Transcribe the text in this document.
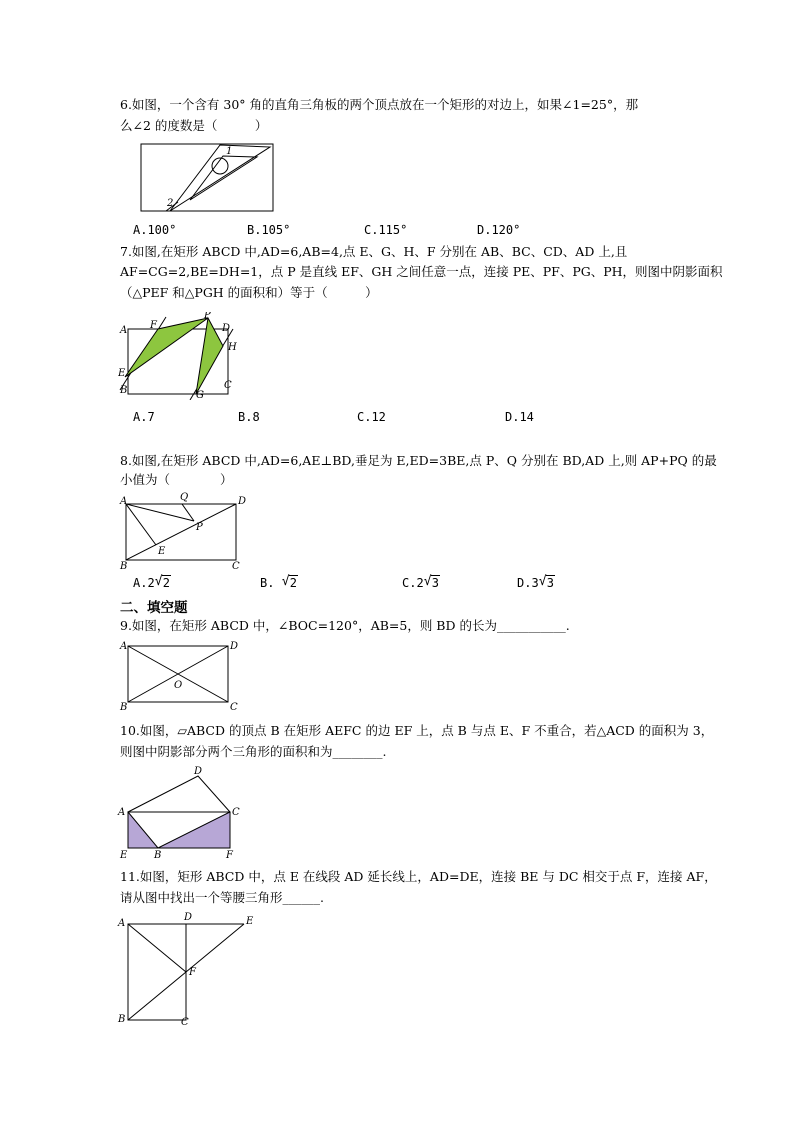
6.如图，一个含有 30° 角的直角三角板的两个顶点放在一个矩形的对边上，如果∠1=25°，那
么∠2 的度数是（　　　）
1
2
A.100°	B.105°	C.115°	D.120°
7.如图,在矩形 ABCD 中,AD=6,AB=4,点 E、G、H、F 分别在 AB、BC、CD、AD 上,且
AF=CG=2,BE=DH=1，点 P 是直线 EF、GH 之间任意一点，连接 PE、PF、PG、PH，则图中阴影面积
（△PEF 和△PGH 的面积和）等于（　　　）
A F
P
D
H
E
B	G
C
A.7	B.8	C.12	D.14
8.如图,在矩形 ABCD 中,AD=6,AE⊥BD,垂足为 E,ED=3BE,点 P、Q 分别在 BD,AD 上,则 AP+PQ 的最
小值为（　　　　）
A	Q	D
P
E
B	C
A.2 √ 2	B. √ 2	C.2 √ 3	D.3 √ 3
二、填空题
9.如图，在矩形 ABCD 中，∠BOC=120°，AB=5，则 BD 的长为___________.
A	D
O
B	C
10.如图，▱ABCD 的顶点 B 在矩形 AEFC 的边 EF 上，点 B 与点 E、F 不重合，若△ACD 的面积为 3，
则图中阴影部分两个三角形的面积和为________.
D
A	C
E	B	F
11.如图，矩形 ABCD 中，点 E 在线段 AD 延长线上，AD=DE，连接 BE 与 DC 相交于点 F，连接 AF，
请从图中找出一个等腰三角形______.
A
D	E
F
B	C
